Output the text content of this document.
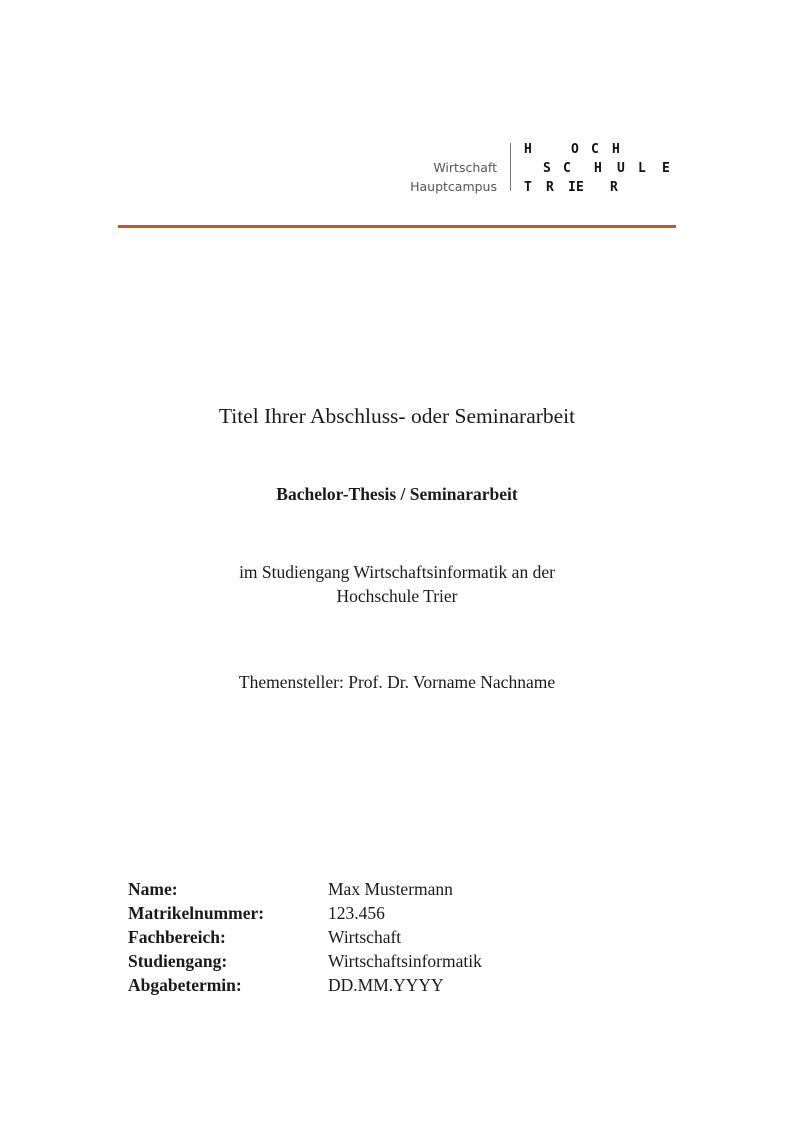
Wirtschaft
Hauptcampus
H	O C H
S C H U L E
T R I E R
Titel Ihrer Abschluss- oder Seminararbeit
Bachelor-Thesis / Seminararbeit
im Studiengang Wirtschaftsinformatik an der
Hochschule Trier
Themensteller: Prof. Dr. Vorname Nachname
Name:	Max Mustermann
Matrikelnummer:	123.456
Fachbereich:	Wirtschaft
Studiengang:	Wirtschaftsinformatik
Abgabetermin:	DD.MM.YYYY
